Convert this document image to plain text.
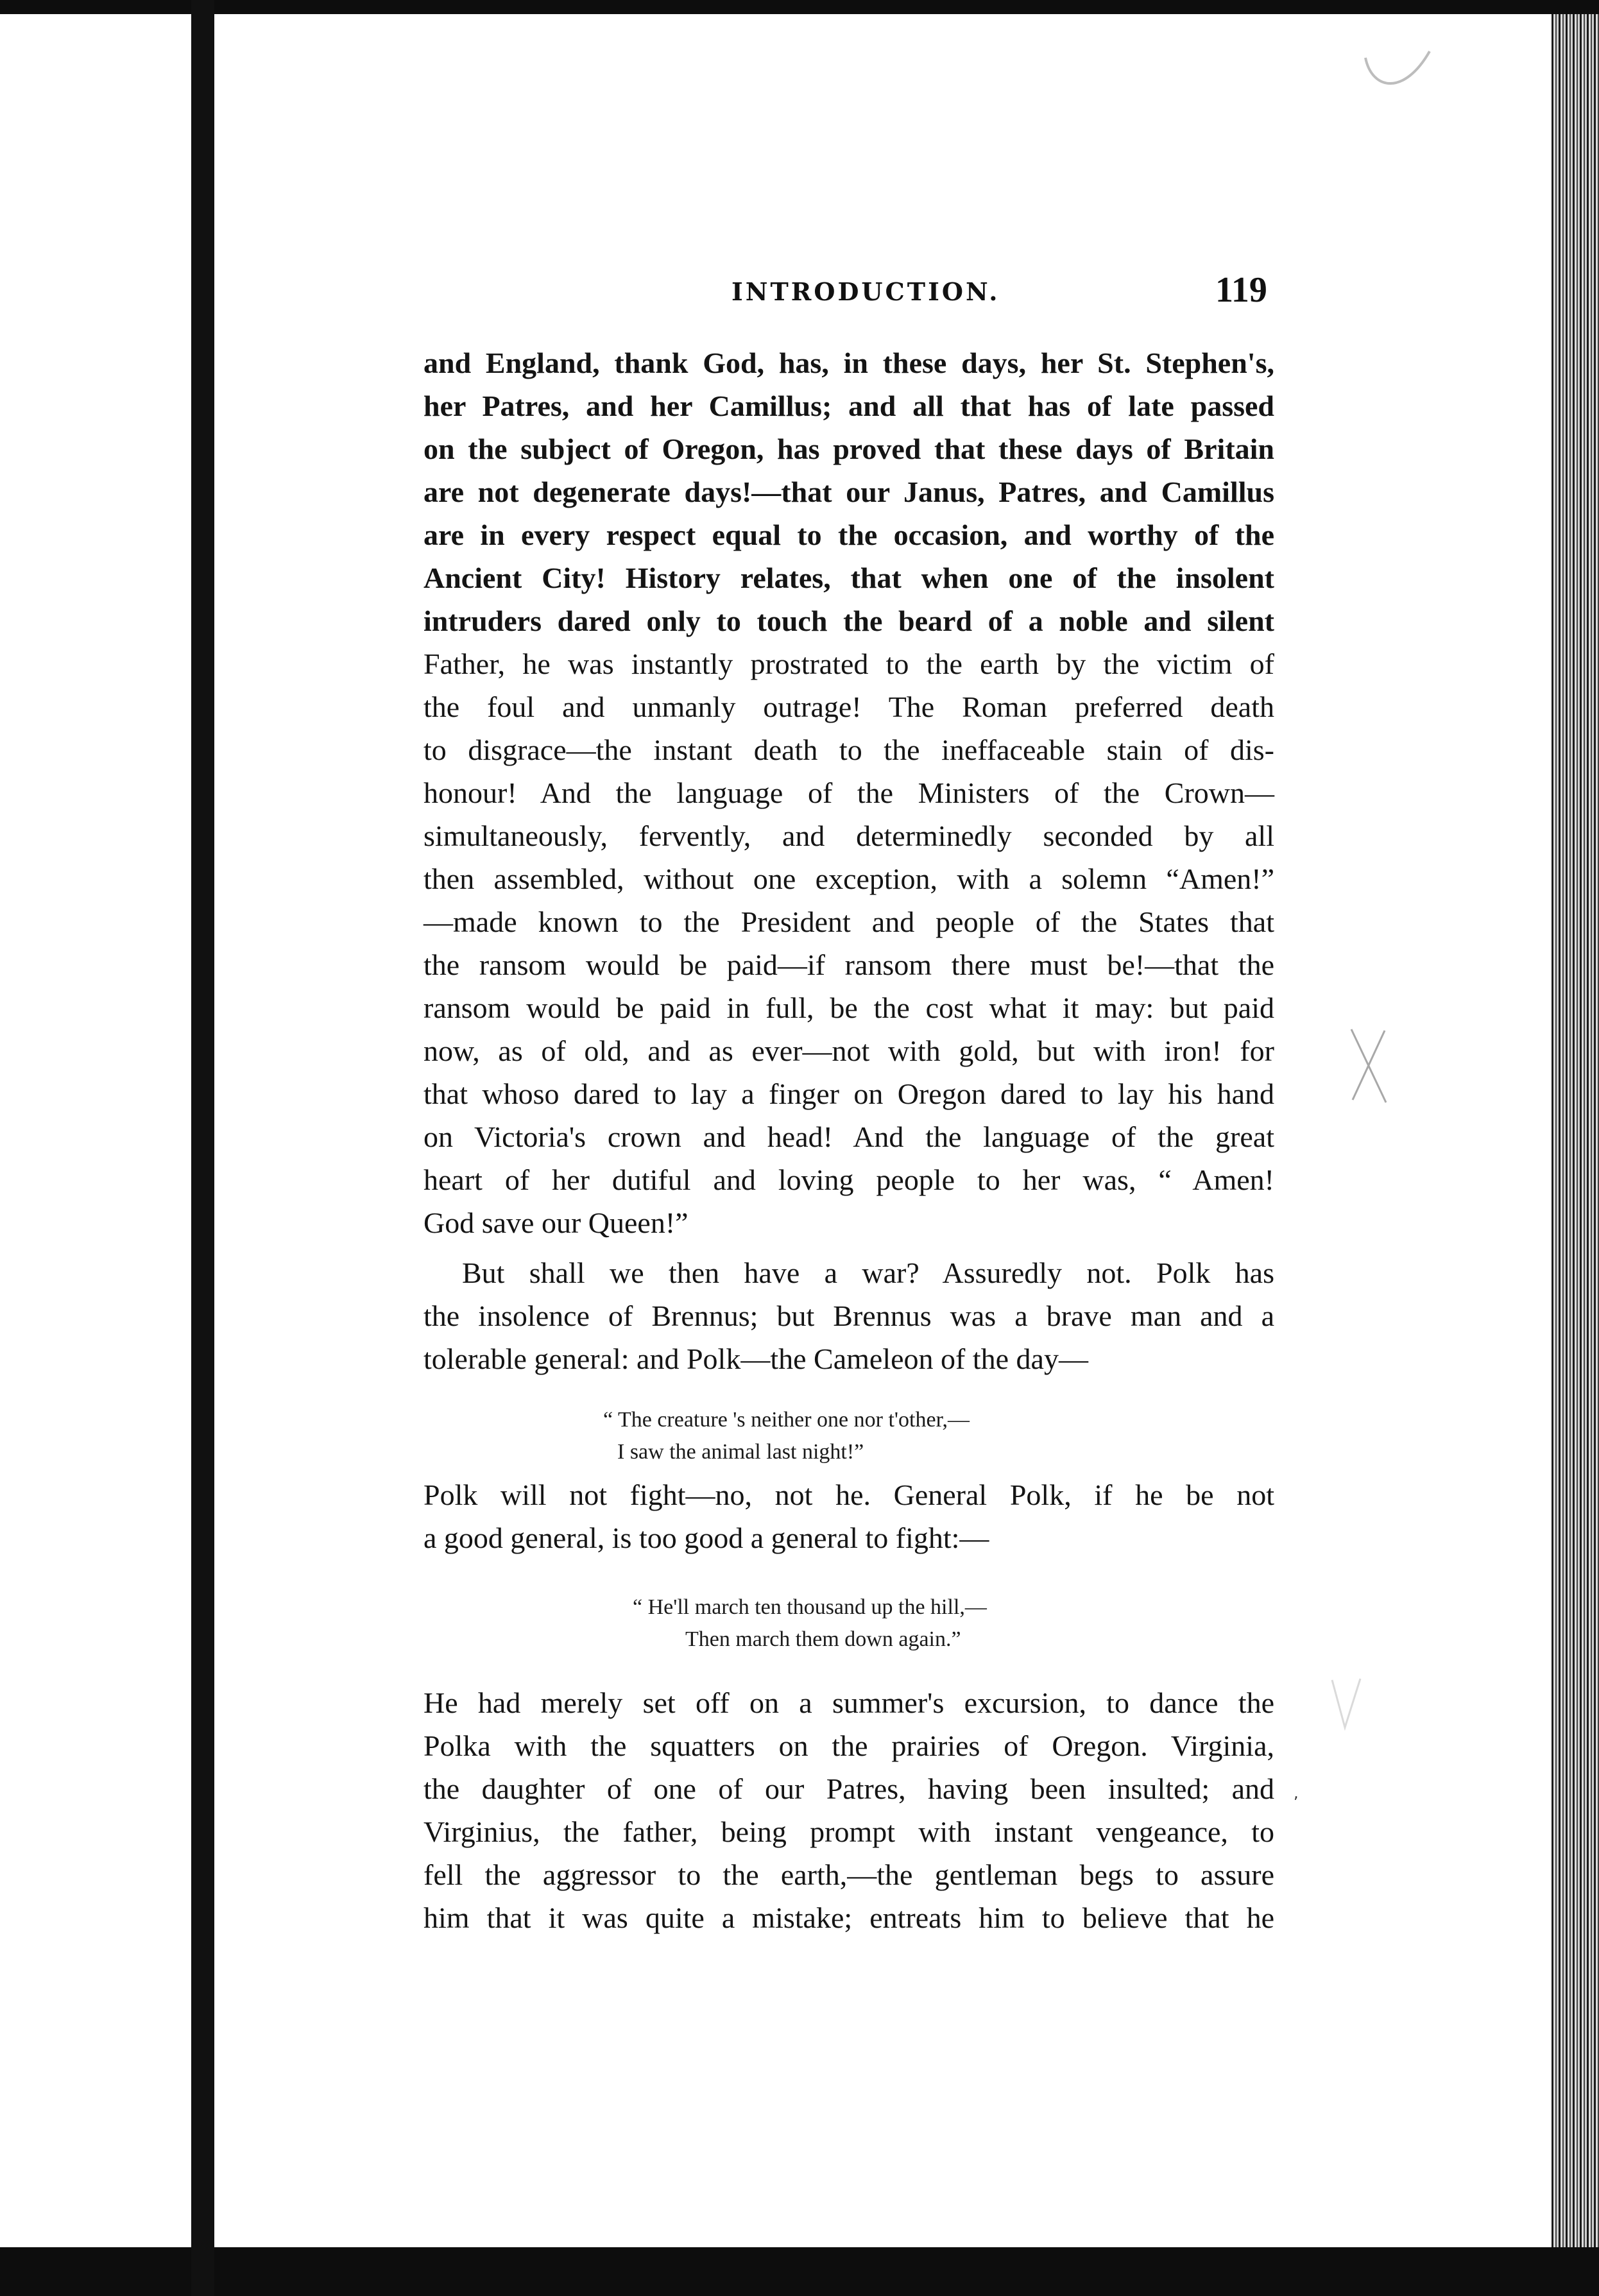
INTRODUCTION.	119
and England, thank God, has, in these days, her St. Stephen's,
her Patres, and her Camillus; and all that has of late passed
on the subject of Oregon, has proved that these days of Britain
are not degenerate days!—that our Janus, Patres, and Camillus
are in every respect equal to the occasion, and worthy of the
Ancient City! History relates, that when one of the insolent
intruders dared only to touch the beard of a noble and silent
Father, he was instantly prostrated to the earth by the victim of
the foul and unmanly outrage! The Roman preferred death
to disgrace—the instant death to the ineffaceable stain of dis-
honour! And the language of the Ministers of the Crown—
simultaneously, fervently, and determinedly seconded by all
then assembled, without one exception, with a solemn “Amen!”
—made known to the President and people of the States that
the ransom would be paid—if ransom there must be!—that the
ransom would be paid in full, be the cost what it may: but paid
now, as of old, and as ever—not with gold, but with iron! for
that whoso dared to lay a finger on Oregon dared to lay his hand
on Victoria's crown and head! And the language of the great
heart of her dutiful and loving people to her was, “ Amen!
God save our Queen!”
But shall we then have a war? Assuredly not. Polk has
the insolence of Brennus; but Brennus was a brave man and a
tolerable general: and Polk—the Cameleon of the day—
“ The creature 's neither one nor t'other,—
I saw the animal last night!”
Polk will not fight—no, not he. General Polk, if he be not
a good general, is too good a general to fight:—
“ He'll march ten thousand up the hill,—
Then march them down again.”
He had merely set off on a summer's excursion, to dance the
Polka with the squatters on the prairies of Oregon. Virginia,
the daughter of one of our Patres, having been insulted; and
Virginius, the father, being prompt with instant vengeance, to
fell the aggressor to the earth,—the gentleman begs to assure
him that it was quite a mistake; entreats him to believe that he
,
